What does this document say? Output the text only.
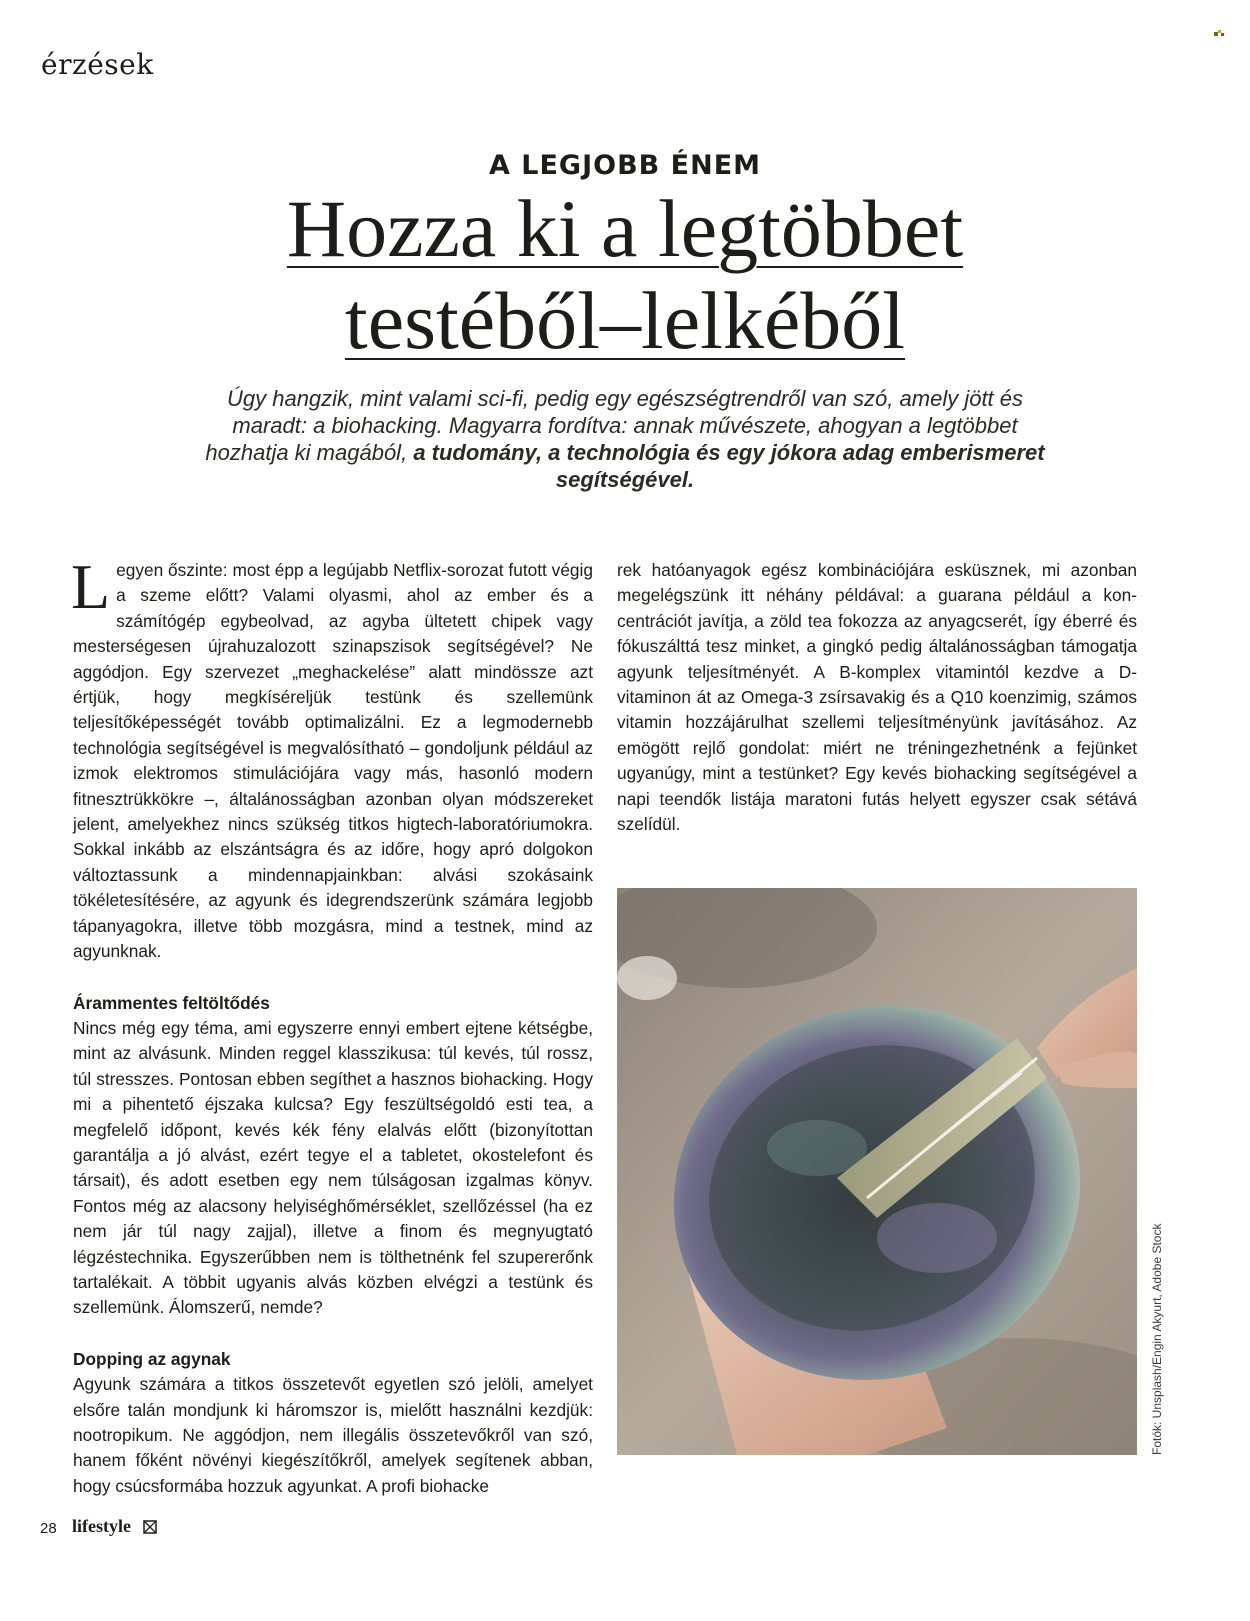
érzések
A LEGJOBB ÉNEM
Hozza ki a legtöbbet
testéből–lelkéből
Úgy hangzik, mint valami sci-fi, pedig egy egészségtrendről van szó, amely jött és maradt: a biohacking. Magyarra fordítva: annak művészete, ahogyan a legtöbbet hozhatja ki magából, a tudomány, a technológia és egy jókora adag emberismeret segítségével.

Legyen őszinte: most épp a legújabb Netflix-sorozat futott végig a szeme előtt? Valami olyasmi, ahol az ember és a számítógép egybeolvad, az agyba ültetett chipek vagy mesterségesen újrahuzalozott szinapszisok segítségével? Ne aggódjon. Egy szervezet „meghackelése” alatt mindössze azt értjük, hogy megkíséreljük testünk és szellemünk teljesítőképességét tovább optimalizálni. Ez a legmodernebb technológia segítségével is megvalósítható – gondoljunk például az izmok elektromos stimulációjára vagy más, hasonló modern fitnesztrükkökre –, általánosságban azonban olyan módszereket jelent, amelyekhez nincs szükség titkos higtech-laboratóriumokra. Sokkal inkább az elszántságra és az időre, hogy apró dolgokon változtassunk a mindennapjainkban: alvási szokásaink tökéletesítésére, az agyunk és idegrendszerünk számára legjobb tápanyagokra, illetve több mozgásra, mind a testnek, mind az agyunknak.

Árammentes feltöltődés

Nincs még egy téma, ami egyszerre ennyi embert ejtene kétségbe, mint az alvásunk. Minden reggel klasszikusa: túl kevés, túl rossz, túl stresszes. Pontosan ebben segíthet a hasznos biohacking. Hogy mi a pihentető éjszaka kulcsa? Egy feszültségoldó esti tea, a megfelelő időpont, kevés kék fény elalvás előtt (bizonyítottan garantálja a jó alvást, ezért tegye el a tabletet, okostelefont és társait), és adott esetben egy nem túlságosan izgalmas könyv. Fontos még az alacsony helyiséghőmérséklet, szellőzéssel (ha ez nem jár túl nagy zajjal), illetve a finom és megnyugtató légzéstechnika. Egyszerűbben nem is tölthetnénk fel szupererőnk tartalékait. A többit ugyanis alvás közben elvégzi a testünk és szellemünk. Álomszerű, nemde?

Dopping az agynak

Agyunk számára a titkos összetevőt egyetlen szó jelöli, amelyet elsőre talán mondjunk ki háromszor is, mielőtt használni kezdjük: nootropikum. Ne aggódjon, nem illegális összetevőkről van szó, hanem főként növényi kiegészítőkről, amelyek segítenek abban, hogy csúcsformába hozzuk agyunkat. A profi biohacke

rek hatóanyagok egész kombinációjára esküsznek, mi azonban megelégszünk itt néhány példával: a guarana például a koncentrációt javítja, a zöld tea fokozza az anyagcserét, így éberré és fókuszálttá tesz minket, a gingkó pedig általánosságban támogatja agyunk teljesítményét. A B-komplex vitamintól kezdve a D-vitaminon át az Omega-3 zsírsavakig és a Q10 koenzimig, számos vitamin hozzájárulhat szellemi teljesítményünk javításához. Az emögött rejlő gondolat: miért ne tréningezhetnénk a fejünket ugyanúgy, mint a testünket? Egy kevés biohacking segítségével a napi teendők listája maratoni futás helyett egyszer csak sétává szelídül.

Fotók: Unsplash/Engin Akyurt, Adobe Stock
28 lifestyle
